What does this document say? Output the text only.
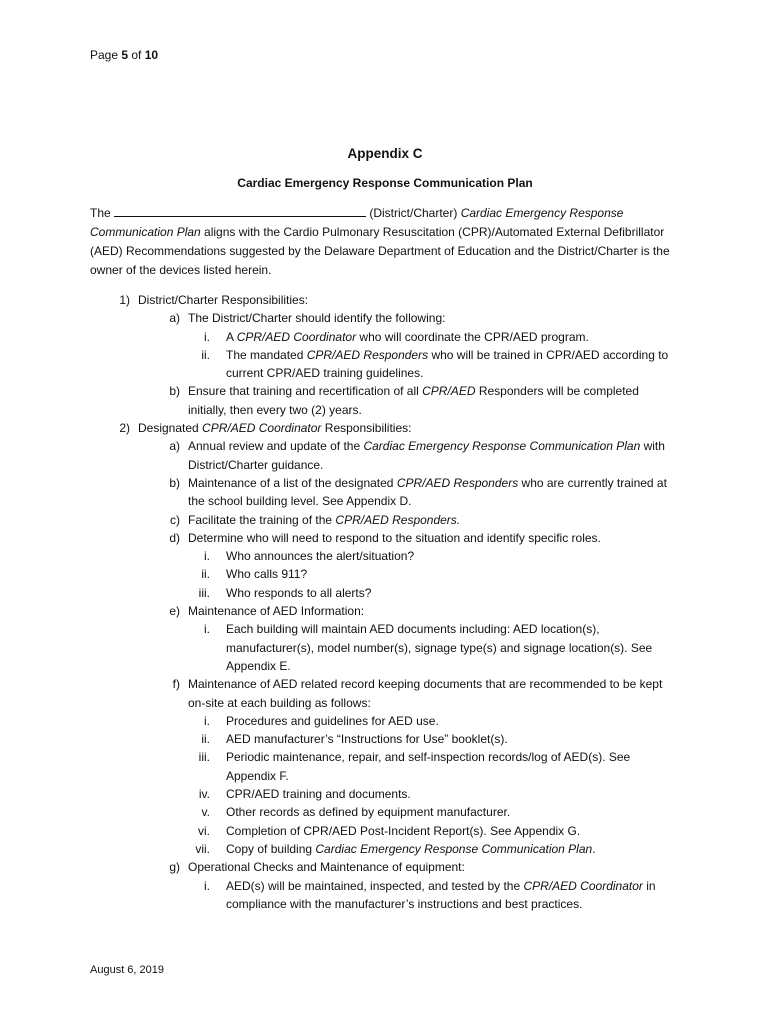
Page 5 of 10
Appendix C
Cardiac Emergency Response Communication Plan
The	(District/Charter) Cardiac Emergency Response Communication Plan aligns with the Cardio Pulmonary Resuscitation (CPR)/Automated External Defibrillator (AED) Recommendations suggested by the Delaware Department of Education and the District/Charter is the owner of the devices listed herein.
1) District/Charter Responsibilities:
a) The District/Charter should identify the following:
i.	A CPR/AED Coordinator who will coordinate the CPR/AED program.
ii.	The mandated CPR/AED Responders who will be trained in CPR/AED according to current CPR/AED training guidelines.
b) Ensure that training and recertification of all CPR/AED Responders will be completed initially, then every two (2) years.
2) Designated CPR/AED Coordinator Responsibilities:
a) Annual review and update of the Cardiac Emergency Response Communication Plan with District/Charter guidance.
b) Maintenance of a list of the designated CPR/AED Responders who are currently trained at the school building level. See Appendix D.
c) Facilitate the training of the CPR/AED Responders.
d) Determine who will need to respond to the situation and identify specific roles.
i.	Who announces the alert/situation?
ii.	Who calls 911?
iii.	Who responds to all alerts?
e) Maintenance of AED Information:
i.	Each building will maintain AED documents including: AED location(s), manufacturer(s), model number(s), signage type(s) and signage location(s). See Appendix E.
f) Maintenance of AED related record keeping documents that are recommended to be kept on-site at each building as follows:
i.	Procedures and guidelines for AED use.
ii.	AED manufacturer’s “Instructions for Use” booklet(s).
iii.	Periodic maintenance, repair, and self-inspection records/log of AED(s). See Appendix F.
iv.	CPR/AED training and documents.
v.	Other records as defined by equipment manufacturer.
vi.	Completion of CPR/AED Post-Incident Report(s). See Appendix G.
vii.	Copy of building Cardiac Emergency Response Communication Plan.
g) Operational Checks and Maintenance of equipment:
i.	AED(s) will be maintained, inspected, and tested by the CPR/AED Coordinator in compliance with the manufacturer’s instructions and best practices.
August 6, 2019
